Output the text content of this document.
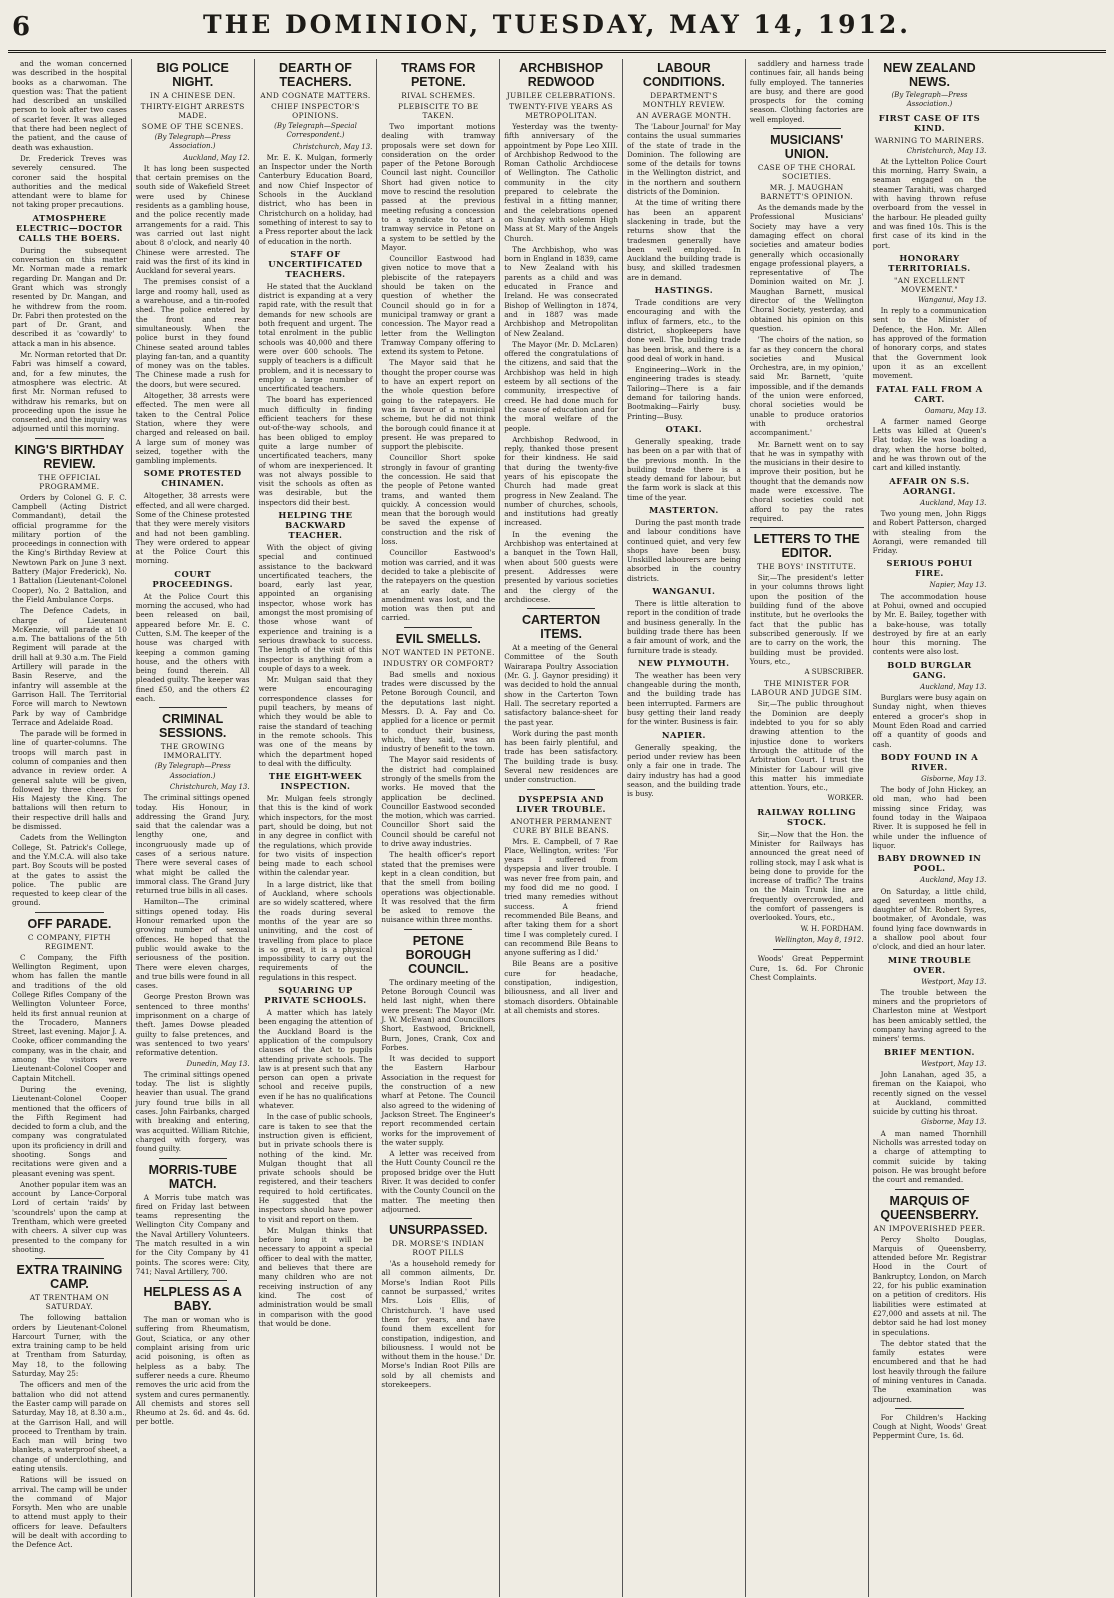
6	THE DOMINION, TUESDAY, MAY 14, 1912.

and the woman concerned was described in the hospital books as a charwoman. The question was: That the patient had described an unskilled person to look after two cases of scarlet fever. It was alleged that there had been neglect of the patient, and the cause of death was exhaustion.

Dr. Frederick Treves was severely censured. The coroner said the hospital authorities and the medical attendant were to blame for not taking proper precautions.

ATMOSPHERE ELECTRIC—DOCTOR CALLS THE BOERS.

During the subsequent conversation on this matter Mr. Norman made a remark regarding Dr. Mangan and Dr. Grant which was strongly resented by Dr. Mangan, and he withdrew from the room. Dr. Fabri then protested on the part of Dr. Grant, and described it as 'cowardly' to attack a man in his absence.

Mr. Norman retorted that Dr. Fabri was himself a coward, and, for a few minutes, the atmosphere was electric. At first Mr. Norman refused to withdraw his remarks, but on proceeding upon the issue he consented, and the inquiry was adjourned until this morning.

KING'S BIRTHDAY REVIEW.
THE OFFICIAL PROGRAMME.

Orders by Colonel G. F. C. Campbell (Acting District Commandant), detail the official programme for the military portion of the proceedings in connection with the King's Birthday Review at Newtown Park on June 3 next. Battery (Major Frederick), No. 1 Battalion (Lieutenant-Colonel Cooper), No. 2 Battalion, and the Field Ambulance Corps.

The Defence Cadets, in charge of Lieutenant McKenzie, will parade at 10 a.m. The battalions of the 5th Regiment will parade at the drill hall at 9.30 a.m. The Field Artillery will parade in the Basin Reserve, and the infantry will assemble at the Garrison Hall. The Territorial Force will march to Newtown Park by way of Cambridge Terrace and Adelaide Road.

The parade will be formed in line of quarter-columns. The troops will march past in column of companies and then advance in review order. A general salute will be given, followed by three cheers for His Majesty the King. The battalions will then return to their respective drill halls and be dismissed.

Cadets from the Wellington College, St. Patrick's College, and the Y.M.C.A. will also take part. Boy Scouts will be posted at the gates to assist the police. The public are requested to keep clear of the ground.

OFF PARADE.
C COMPANY, FIFTH REGIMENT.

C Company, the Fifth Wellington Regiment, upon whom has fallen the mantle and traditions of the old College Rifles Company of the Wellington Volunteer Force, held its first annual reunion at the Trocadero, Manners Street, last evening. Major J. A. Cooke, officer commanding the company, was in the chair, and among the visitors were Lieutenant-Colonel Cooper and Captain Mitchell.

During the evening, Lieutenant-Colonel Cooper mentioned that the officers of the Fifth Regiment had decided to form a club, and the company was congratulated upon its proficiency in drill and shooting. Songs and recitations were given and a pleasant evening was spent.

Another popular item was an account by Lance-Corporal Lord of certain 'raids' by 'scoundrels' upon the camp at Trentham, which were greeted with cheers. A silver cup was presented to the company for shooting.

EXTRA TRAINING CAMP.
AT TRENTHAM ON SATURDAY.

The following battalion orders by Lieutenant-Colonel Harcourt Turner, with the extra training camp to be held at Trentham from Saturday, May 18, to the following Saturday, May 25:

The officers and men of the battalion who did not attend the Easter camp will parade on Saturday, May 18, at 8.30 a.m., at the Garrison Hall, and will proceed to Trentham by train. Each man will bring two blankets, a waterproof sheet, a change of underclothing, and eating utensils.

Rations will be issued on arrival. The camp will be under the command of Major Forsyth. Men who are unable to attend must apply to their officers for leave. Defaulters will be dealt with according to the Defence Act.

BIG POLICE NIGHT.
IN A CHINESE DEN.
THIRTY-EIGHT ARRESTS MADE.
SOME OF THE SCENES.
(By Telegraph—Press Association.)
Auckland, May 12.

It has long been suspected that certain premises on the south side of Wakefield Street were used by Chinese residents as a gambling house, and the police recently made arrangements for a raid. This was carried out last night about 8 o'clock, and nearly 40 Chinese were arrested. The raid was the first of its kind in Auckland for several years.

The premises consist of a large and roomy hall, used as a warehouse, and a tin-roofed shed. The police entered by the front and rear simultaneously. When the police burst in they found Chinese seated around tables playing fan-tan, and a quantity of money was on the tables. The Chinese made a rush for the doors, but were secured.

Altogether, 38 arrests were effected. The men were all taken to the Central Police Station, where they were charged and released on bail. A large sum of money was seized, together with the gambling implements.

SOME PROTESTED CHINAMEN.

Altogether, 38 arrests were effected, and all were charged. Some of the Chinese protested that they were merely visitors and had not been gambling. They were ordered to appear at the Police Court this morning.

COURT PROCEEDINGS.

At the Police Court this morning the accused, who had been released on bail, appeared before Mr. E. C. Cutten, S.M. The keeper of the house was charged with keeping a common gaming house, and the others with being found therein. All pleaded guilty. The keeper was fined £50, and the others £2 each.

CRIMINAL SESSIONS.
THE GROWING IMMORALITY.
(By Telegraph—Press Association.)
Christchurch, May 13.

The criminal sittings opened today. His Honour, in addressing the Grand Jury, said that the calendar was a lengthy one, and incongruously made up of cases of a serious nature. There were several cases of what might be called the immoral class. The Grand Jury returned true bills in all cases.

Hamilton—The criminal sittings opened today. His Honour remarked upon the growing number of sexual offences. He hoped that the public would awake to the seriousness of the position. There were eleven charges, and true bills were found in all cases.

George Preston Brown was sentenced to three months' imprisonment on a charge of theft. James Dowse pleaded guilty to false pretences, and was sentenced to two years' reformative detention.

Dunedin, May 13.

The criminal sittings opened today. The list is slightly heavier than usual. The grand jury found true bills in all cases. John Fairbanks, charged with breaking and entering, was acquitted. William Ritchie, charged with forgery, was found guilty.

MORRIS-TUBE MATCH.

A Morris tube match was fired on Friday last between teams representing the Wellington City Company and the Naval Artillery Volunteers. The match resulted in a win for the City Company by 41 points. The scores were: City, 741; Naval Artillery, 700.

HELPLESS AS A BABY.

The man or woman who is suffering from Rheumatism, Gout, Sciatica, or any other complaint arising from uric acid poisoning, is often as helpless as a baby. The sufferer needs a cure. Rheumo removes the uric acid from the system and cures permanently. All chemists and stores sell Rheumo at 2s. 6d. and 4s. 6d. per bottle.

DEARTH OF TEACHERS.
AND COGNATE MATTERS.
CHIEF INSPECTOR'S OPINIONS.
(By Telegraph—Special Correspondent.)
Christchurch, May 13.

Mr. E. K. Mulgan, formerly an Inspector under the North Canterbury Education Board, and now Chief Inspector of Schools in the Auckland district, who has been in Christchurch on a holiday, had something of interest to say to a Press reporter about the lack of education in the north.

STAFF OF UNCERTIFICATED TEACHERS.

He stated that the Auckland district is expanding at a very rapid rate, with the result that demands for new schools are both frequent and urgent. The total enrolment in the public schools was 40,000 and there were over 600 schools. The supply of teachers is a difficult problem, and it is necessary to employ a large number of uncertificated teachers.

The board has experienced much difficulty in finding efficient teachers for these out-of-the-way schools, and has been obliged to employ quite a large number of uncertificated teachers, many of whom are inexperienced. It was not always possible to visit the schools as often as was desirable, but the inspectors did their best.

HELPING THE BACKWARD TEACHER.

With the object of giving special and continued assistance to the backward uncertificated teachers, the board, early last year, appointed an organising inspector, whose work has amongst the most promising of those whose want of experience and training is a serious drawback to success. The length of the visit of this inspector is anything from a couple of days to a week.

Mr. Mulgan said that they were encouraging correspondence classes for pupil teachers, by means of which they would be able to raise the standard of teaching in the remote schools. This was one of the means by which the department hoped to deal with the difficulty.

THE EIGHT-WEEK INSPECTION.

Mr. Mulgan feels strongly that this is the kind of work which inspectors, for the most part, should be doing, but not in any degree in conflict with the regulations, which provide for two visits of inspection being made to each school within the calendar year.

In a large district, like that of Auckland, where schools are so widely scattered, where the roads during several months of the year are so uninviting, and the cost of travelling from place to place is so great, it is a physical impossibility to carry out the requirements of the regulations in this respect.

SQUARING UP PRIVATE SCHOOLS.

A matter which has lately been engaging the attention of the Auckland Board is the application of the compulsory clauses of the Act to pupils attending private schools. The law is at present such that any person can open a private school and receive pupils, even if he has no qualifications whatever.

In the case of public schools, care is taken to see that the instruction given is efficient, but in private schools there is nothing of the kind. Mr. Mulgan thought that all private schools should be registered, and their teachers required to hold certificates. He suggested that the inspectors should have power to visit and report on them.

Mr. Mulgan thinks that before long it will be necessary to appoint a special officer to deal with the matter, and believes that there are many children who are not receiving instruction of any kind. The cost of administration would be small in comparison with the good that would be done.

TRAMS FOR PETONE.
RIVAL SCHEMES.
PLEBISCITE TO BE TAKEN.

Two important motions dealing with tramway proposals were set down for consideration on the order paper of the Petone Borough Council last night. Councillor Short had given notice to move to rescind the resolution passed at the previous meeting refusing a concession to a syndicate to start a tramway service in Petone on a system to be settled by the Mayor.

Councillor Eastwood had given notice to move that a plebiscite of the ratepayers should be taken on the question of whether the Council should go in for a municipal tramway or grant a concession. The Mayor read a letter from the Wellington Tramway Company offering to extend its system to Petone.

The Mayor said that he thought the proper course was to have an expert report on the whole question before going to the ratepayers. He was in favour of a municipal scheme, but he did not think the borough could finance it at present. He was prepared to support the plebiscite.

Councillor Short spoke strongly in favour of granting the concession. He said that the people of Petone wanted trams, and wanted them quickly. A concession would mean that the borough would be saved the expense of construction and the risk of loss.

Councillor Eastwood's motion was carried, and it was decided to take a plebiscite of the ratepayers on the question at an early date. The amendment was lost, and the motion was then put and carried.

EVIL SMELLS.
NOT WANTED IN PETONE.
INDUSTRY OR COMFORT?

Bad smells and noxious trades were discussed by the Petone Borough Council, and the deputations last night. Messrs. D. A. Fay and Co. applied for a licence or permit to conduct their business, which, they said, was an industry of benefit to the town.

The Mayor said residents of the district had complained strongly of the smells from the works. He moved that the application be declined. Councillor Eastwood seconded the motion, which was carried. Councillor Short said the Council should be careful not to drive away industries.

The health officer's report stated that the premises were kept in a clean condition, but that the smell from boiling operations was objectionable. It was resolved that the firm be asked to remove the nuisance within three months.

PETONE BOROUGH COUNCIL.

The ordinary meeting of the Petone Borough Council was held last night, when there were present: The Mayor (Mr. J. W. McEwan) and Councillors Short, Eastwood, Bricknell, Burn, Jones, Crank, Cox and Forbes.

It was decided to support the Eastern Harbour Association in the request for the construction of a new wharf at Petone. The Council also agreed to the widening of Jackson Street. The Engineer's report recommended certain works for the improvement of the water supply.

A letter was received from the Hutt County Council re the proposed bridge over the Hutt River. It was decided to confer with the County Council on the matter. The meeting then adjourned.

UNSURPASSED.
DR. MORSE'S INDIAN ROOT PILLS

'As a household remedy for all common ailments, Dr. Morse's Indian Root Pills cannot be surpassed,' writes Mrs. Lois Ellis, of Christchurch. 'I have used them for years, and have found them excellent for constipation, indigestion, and biliousness. I would not be without them in the house.' Dr. Morse's Indian Root Pills are sold by all chemists and storekeepers.

ARCHBISHOP REDWOOD
JUBILEE CELEBRATIONS.
TWENTY-FIVE YEARS AS METROPOLITAN.

Yesterday was the twenty-fifth anniversary of the appointment by Pope Leo XIII. of Archbishop Redwood to the Roman Catholic Archdiocese of Wellington. The Catholic community in the city prepared to celebrate the festival in a fitting manner, and the celebrations opened on Sunday with solemn High Mass at St. Mary of the Angels Church.

The Archbishop, who was born in England in 1839, came to New Zealand with his parents as a child and was educated in France and Ireland. He was consecrated Bishop of Wellington in 1874, and in 1887 was made Archbishop and Metropolitan of New Zealand.

The Mayor (Mr. D. McLaren) offered the congratulations of the citizens, and said that the Archbishop was held in high esteem by all sections of the community, irrespective of creed. He had done much for the cause of education and for the moral welfare of the people.

Archbishop Redwood, in reply, thanked those present for their kindness. He said that during the twenty-five years of his episcopate the Church had made great progress in New Zealand. The number of churches, schools, and institutions had greatly increased.

In the evening the Archbishop was entertained at a banquet in the Town Hall, when about 500 guests were present. Addresses were presented by various societies and the clergy of the archdiocese.

CARTERTON ITEMS.

At a meeting of the General Committee of the South Wairarapa Poultry Association (Mr. G. J. Gaynor presiding) it was decided to hold the annual show in the Carterton Town Hall. The secretary reported a satisfactory balance-sheet for the past year.

Work during the past month has been fairly plentiful, and trade has been satisfactory. The building trade is busy. Several new residences are under construction.

DYSPEPSIA AND LIVER TROUBLE.
ANOTHER PERMANENT CURE BY BILE BEANS.

Mrs. E. Campbell, of 7 Rae Place, Wellington, writes: 'For years I suffered from dyspepsia and liver trouble. I was never free from pain, and my food did me no good. I tried many remedies without success. A friend recommended Bile Beans, and after taking them for a short time I was completely cured. I can recommend Bile Beans to anyone suffering as I did.'

Bile Beans are a positive cure for headache, constipation, indigestion, biliousness, and all liver and stomach disorders. Obtainable at all chemists and stores.

LABOUR CONDITIONS.
DEPARTMENT'S MONTHLY REVIEW.
AN AVERAGE MONTH.

The 'Labour Journal' for May contains the usual summaries of the state of trade in the Dominion. The following are some of the details for towns in the Wellington district, and in the northern and southern districts of the Dominion.

At the time of writing there has been an apparent slackening in trade, but the returns show that the tradesmen generally have been well employed. In Auckland the building trade is busy, and skilled tradesmen are in demand.

HASTINGS.

Trade conditions are very encouraging and with the influx of farmers, etc., to the district, shopkeepers have done well. The building trade has been brisk, and there is a good deal of work in hand.

Engineering—Work in the engineering trades is steady. Tailoring—There is a fair demand for tailoring hands. Bootmaking—Fairly busy. Printing—Busy.

OTAKI.

Generally speaking, trade has been on a par with that of the previous month. In the building trade there is a steady demand for labour, but the farm work is slack at this time of the year.

MASTERTON.

During the past month trade and labour conditions have continued quiet, and very few shops have been busy. Unskilled labourers are being absorbed in the country districts.

WANGANUI.

There is little alteration to report in the condition of trade and business generally. In the building trade there has been a fair amount of work, and the furniture trade is steady.

NEW PLYMOUTH.

The weather has been very changeable during the month, and the building trade has been interrupted. Farmers are busy getting their land ready for the winter. Business is fair.

NAPIER.

Generally speaking, the period under review has been only a fair one in trade. The dairy industry has had a good season, and the building trade is busy.

saddlery and harness trade continues fair, all hands being fully employed. The tanneries are busy, and there are good prospects for the coming season. Clothing factories are well employed.

MUSICIANS' UNION.
CASE OF THE CHORAL SOCIETIES.
MR. J. MAUGHAN BARNETT'S OPINION.

As the demands made by the Professional Musicians' Society may have a very damaging effect on choral societies and amateur bodies generally which occasionally engage professional players, a representative of The Dominion waited on Mr. J. Maughan Barnett, musical director of the Wellington Choral Society, yesterday, and obtained his opinion on this question.

'The choirs of the nation, so far as they concern the choral societies and Musical Orchestra, are, in my opinion,' said Mr. Barnett, 'quite impossible, and if the demands of the union were enforced, choral societies would be unable to produce oratorios with orchestral accompaniment.'

Mr. Barnett went on to say that he was in sympathy with the musicians in their desire to improve their position, but he thought that the demands now made were excessive. The choral societies could not afford to pay the rates required.

LETTERS TO THE EDITOR.
THE BOYS' INSTITUTE.

Sir,—The president's letter in your columns throws light upon the position of the building fund of the above institute, but he overlooks the fact that the public has subscribed generously. If we are to carry on the work, the building must be provided. Yours, etc.,

A SUBSCRIBER.
THE MINISTER FOR LABOUR AND JUDGE SIM.

Sir,—The public throughout the Dominion are deeply indebted to you for so ably drawing attention to the injustice done to workers through the attitude of the Arbitration Court. I trust the Minister for Labour will give this matter his immediate attention. Yours, etc.,

WORKER.
RAILWAY ROLLING STOCK.

Sir,—Now that the Hon. the Minister for Railways has announced the great need of rolling stock, may I ask what is being done to provide for the increase of traffic? The trains on the Main Trunk line are frequently overcrowded, and the comfort of passengers is overlooked. Yours, etc.,

W. H. FORDHAM.
Wellington, May 8, 1912.

Woods' Great Peppermint Cure, 1s. 6d. For Chronic Chest Complaints.

NEW ZEALAND NEWS.
(By Telegraph—Press Association.)
FIRST CASE OF ITS KIND.
WARNING TO MARINERS.
Christchurch, May 13.

At the Lyttelton Police Court this morning, Harry Swain, a seaman engaged on the steamer Tarahiti, was charged with having thrown refuse overboard from the vessel in the harbour. He pleaded guilty and was fined 10s. This is the first case of its kind in the port.

HONORARY TERRITORIALS.
"AN EXCELLENT MOVEMENT."
Wanganui, May 13.

In reply to a communication sent to the Minister of Defence, the Hon. Mr. Allen has approved of the formation of honorary corps, and states that the Government look upon it as an excellent movement.

FATAL FALL FROM A CART.
Oamaru, May 13.

A farmer named George Letts was killed at Queen's Flat today. He was loading a dray, when the horse bolted, and he was thrown out of the cart and killed instantly.

AFFAIR ON S.S. AORANGI.
Auckland, May 13.

Two young men, John Riggs and Robert Patterson, charged with stealing from the Aorangi, were remanded till Friday.

SERIOUS POHUI FIRE.
Napier, May 13.

The accommodation house at Pohui, owned and occupied by Mr. E. Bailey, together with a bake-house, was totally destroyed by fire at an early hour this morning. The contents were also lost.

BOLD BURGLAR GANG.
Auckland, May 13.

Burglars were busy again on Sunday night, when thieves entered a grocer's shop in Mount Eden Road and carried off a quantity of goods and cash.

BODY FOUND IN A RIVER.
Gisborne, May 13.

The body of John Hickey, an old man, who had been missing since Friday, was found today in the Waipaoa River. It is supposed he fell in while under the influence of liquor.

BABY DROWNED IN POOL.
Auckland, May 13.

On Saturday, a little child, aged seventeen months, a daughter of Mr. Robert Syres, bootmaker, of Avondale, was found lying face downwards in a shallow pool about four o'clock, and died an hour later.

MINE TROUBLE OVER.
Westport, May 13.

The trouble between the miners and the proprietors of Charleston mine at Westport has been amicably settled, the company having agreed to the miners' terms.

BRIEF MENTION.
Westport, May 13.

John Lanahan, aged 35, a fireman on the Kaiapoi, who recently signed on the vessel at Auckland, committed suicide by cutting his throat.

Gisborne, May 13.

A man named Thornhill Nicholls was arrested today on a charge of attempting to commit suicide by taking poison. He was brought before the court and remanded.

MARQUIS OF QUEENSBERRY.
AN IMPOVERISHED PEER.

Percy Sholto Douglas, Marquis of Queensberry, attended before Mr. Registrar Hood in the Court of Bankruptcy, London, on March 22, for his public examination on a petition of creditors. His liabilities were estimated at £27,000 and assets at nil. The debtor said he had lost money in speculations.

The debtor stated that the family estates were encumbered and that he had lost heavily through the failure of mining ventures in Canada. The examination was adjourned.

For Children's Hacking Cough at Night, Woods' Great Peppermint Cure, 1s. 6d.
